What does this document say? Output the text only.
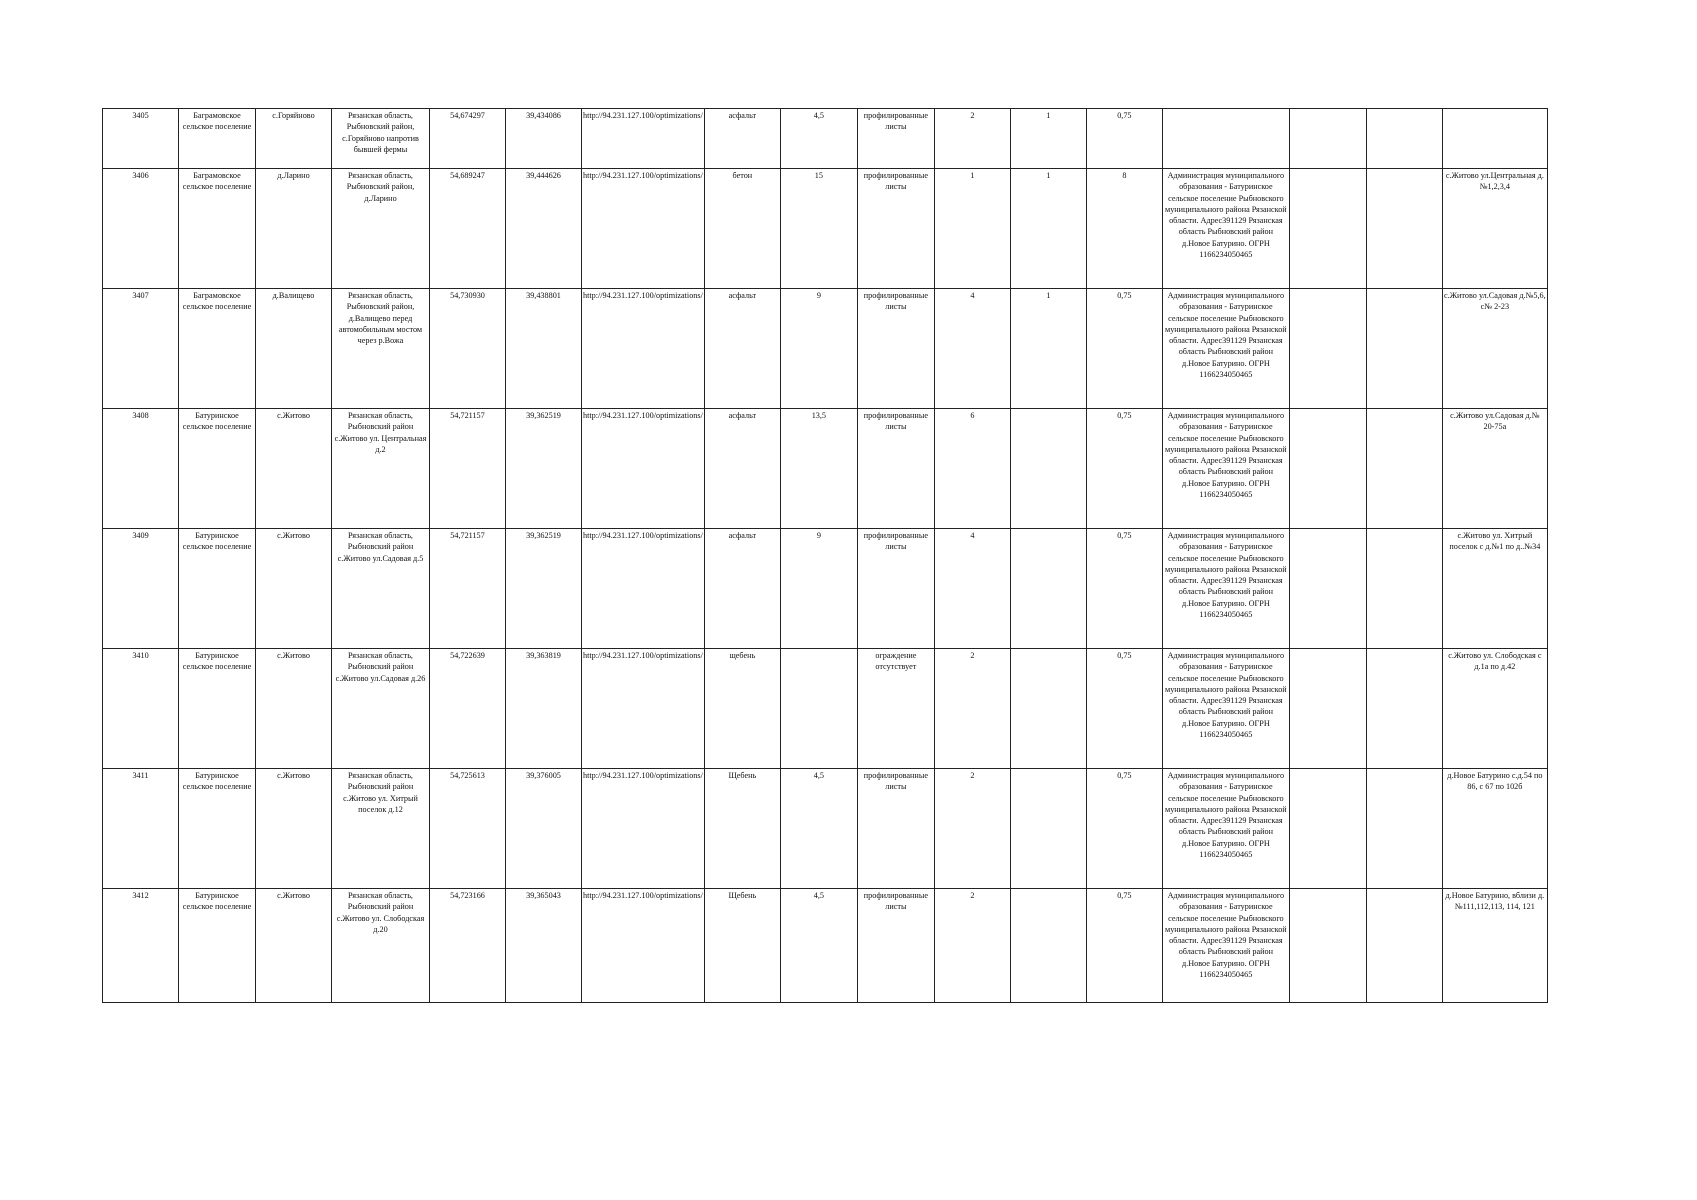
3405	Баграмовское сельское поселение	с.Горяйново	Рязанская область, Рыбновский район, с.Горяйново напротив бывшей фермы	54,674297	39,434086	http://94.231.127.100/optimizations/	асфальт	4,5	профилированные листы	2	1	0,75				
3406	Баграмовское сельское поселение	д.Ларино	Рязанская область, Рыбновский район, д.Ларино	54,689247	39,444626	http://94.231.127.100/optimizations/	бетон	15	профилированные листы	1	1	8	Администрация муниципального образования - Батуринское сельское поселение Рыбновского муниципального района Рязанской области. Адрес391129 Рязанская область Рыбновский район д.Новое Батурино. ОГРН 1166234050465			с.Житово ул.Центральная д.№1,2,3,4
3407	Баграмовское сельское поселение	д.Валищево	Рязанская область, Рыбновский район, д.Валищево перед автомобильным мостом через р.Вожа	54,730930	39,438801	http://94.231.127.100/optimizations/	асфальт	9	профилированные листы	4	1	0,75	Администрация муниципального образования - Батуринское сельское поселение Рыбновского муниципального района Рязанской области. Адрес391129 Рязанская область Рыбновский район д.Новое Батурино. ОГРН 1166234050465			с.Житово ул.Садовая д.№5,6, с№ 2-23
3408	Батуринское сельское поселение	с.Житово	Рязанская область, Рыбновский район с.Житово ул. Центральная д.2	54,721157	39,362519	http://94.231.127.100/optimizations/	асфальт	13,5	профилированные листы	6		0,75	Администрация муниципального образования - Батуринское сельское поселение Рыбновского муниципального района Рязанской области. Адрес391129 Рязанская область Рыбновский район д.Новое Батурино. ОГРН 1166234050465			с.Житово ул.Садовая д.№ 20-75а
3409	Батуринское сельское поселение	с.Житово	Рязанская область, Рыбновский район с.Житово ул.Садовая д.5	54,721157	39,362519	http://94.231.127.100/optimizations/	асфальт	9	профилированные листы	4		0,75	Администрация муниципального образования - Батуринское сельское поселение Рыбновского муниципального района Рязанской области. Адрес391129 Рязанская область Рыбновский район д.Новое Батурино. ОГРН 1166234050465			с.Житово ул. Хитрый поселок с д.№1 по д..№34
3410	Батуринское сельское поселение	с.Житово	Рязанская область, Рыбновский район с.Житово ул.Садовая д.26	54,722639	39,363819	http://94.231.127.100/optimizations/	щебень		ограждение отсутствует	2		0,75	Администрация муниципального образования - Батуринское сельское поселение Рыбновского муниципального района Рязанской области. Адрес391129 Рязанская область Рыбновский район д.Новое Батурино. ОГРН 1166234050465			с.Житово ул. Слободская с д.1а по д.42
3411	Батуринское сельское поселение	с.Житово	Рязанская область, Рыбновский район с.Житово ул. Хитрый поселок д.12	54,725613	39,376005	http://94.231.127.100/optimizations/	Щебень	4,5	профилированные листы	2		0,75	Администрация муниципального образования - Батуринское сельское поселение Рыбновского муниципального района Рязанской области. Адрес391129 Рязанская область Рыбновский район д.Новое Батурино. ОГРН 1166234050465			д.Новое Батурино с.д.54 по 86, с 67 по 102б
3412	Батуринское сельское поселение	с.Житово	Рязанская область, Рыбновский район с.Житово ул. Слободская д.20	54,723166	39,365043	http://94.231.127.100/optimizations/	Щебень	4,5	профилированные листы	2		0,75	Администрация муниципального образования - Батуринское сельское поселение Рыбновского муниципального района Рязанской области. Адрес391129 Рязанская область Рыбновский район д.Новое Батурино. ОГРН 1166234050465			д.Новое Батурино, вблизи д. №111,112,113, 114, 121
